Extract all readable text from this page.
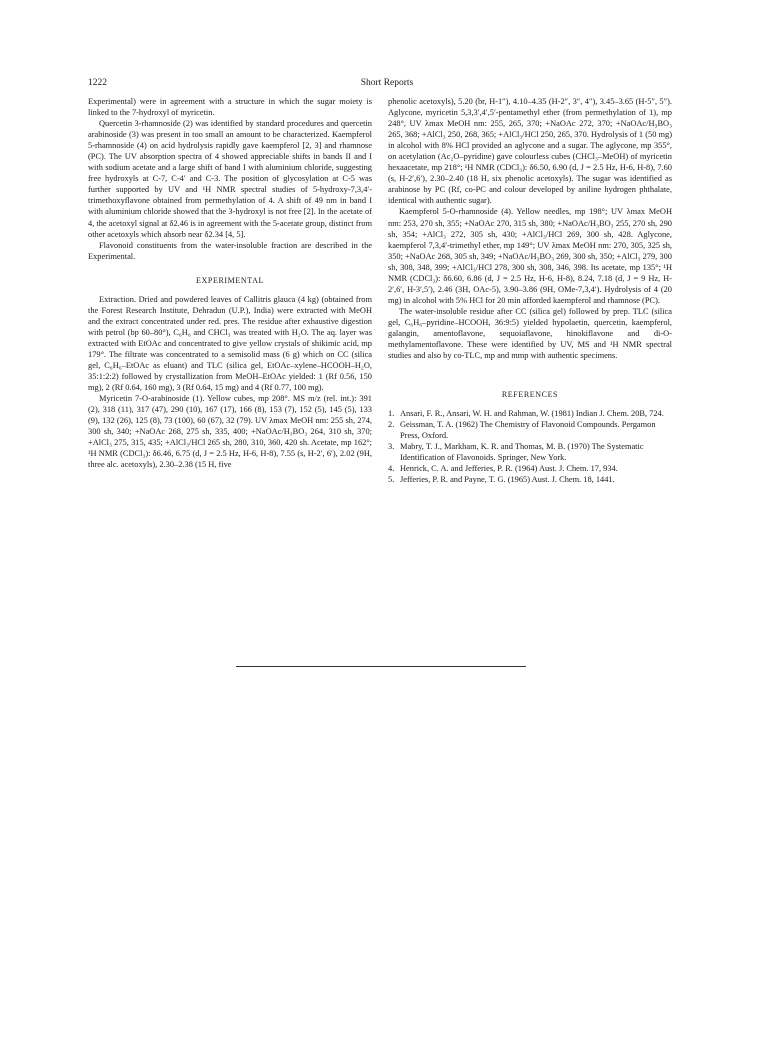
1222	Short Reports

Experimental) were in agreement with a structure in which the sugar moiety is linked to the 7-hydroxyl of myricetin.

Quercetin 3-rhamnoside (2) was identified by standard procedures and quercetin arabinoside (3) was present in too small an amount to be characterized. Kaempferol 5-rhamnoside (4) on acid hydrolysis rapidly gave kaempferol [2, 3] and rhamnose (PC). The UV absorption spectra of 4 showed appreciable shifts in bands II and I with sodium acetate and a large shift of band I with aluminium chloride, suggesting free hydroxyls at C-7, C-4′ and C-3. The position of glycosylation at C-5 was further supported by UV and ¹H NMR spectral studies of 5-hydroxy-7,3,4′-trimethoxyflavone obtained from permethylation of 4. A shift of 49 nm in band I with aluminium chloride showed that the 3-hydroxyl is not free [2]. In the acetate of 4, the acetoxyl signal at δ2.46 is in agreement with the 5-acetate group, distinct from other acetoxyls which absorb near δ2.34 [4, 5].

Flavonoid constituents from the water-insoluble fraction are described in the Experimental.

EXPERIMENTAL

Extraction. Dried and powdered leaves of Callitris glauca (4 kg) (obtained from the Forest Research Institute, Dehradun (U.P.), India) were extracted with MeOH and the extract concentrated under red. pres. The residue after exhaustive digestion with petrol (bp 60–80°), C₆H₆ and CHCl₃ was treated with H₂O. The aq. layer was extracted with EtOAc and concentrated to give yellow crystals of shikimic acid, mp 179°. The filtrate was concentrated to a semisolid mass (6 g) which on CC (silica gel, C₆H₆–EtOAc as eluant) and TLC (silica gel, EtOAc–xylene–HCOOH–H₂O, 35:1:2:2) followed by crystallization from MeOH–EtOAc yielded: 1 (Rf 0.56, 150 mg), 2 (Rf 0.64, 160 mg), 3 (Rf 0.64, 15 mg) and 4 (Rf 0.77, 100 mg).

Myricetin 7-O-arabinoside (1). Yellow cubes, mp 208°. MS m/z (rel. int.): 391 (2), 318 (11), 317 (47), 290 (10), 167 (17), 166 (8), 153 (7), 152 (5), 145 (5), 133 (9), 132 (26), 125 (8), 73 (100), 60 (67), 32 (79). UV λmax MeOH nm: 255 sh, 274, 300 sh, 340; +NaOAc 268, 275 sh, 335, 400; +NaOAc/H₃BO₃ 264, 310 sh, 370; +AlCl₃ 275, 315, 435; +AlCl₃/HCl 265 sh, 280, 310, 360, 420 sh. Acetate, mp 162°; ¹H NMR (CDCl₃): δ6.46, 6.75 (d, J = 2.5 Hz, H-6, H-8), 7.55 (s, H-2′, 6′), 2.02 (9H, three alc. acetoxyls), 2.30–2.38 (15 H, five

phenolic acetoxyls), 5.20 (br, H-1″), 4.10–4.35 (H-2″, 3″, 4″), 3.45–3.65 (H-5″, 5″). Aglycone, myricetin 5,3,3′,4′,5′-pentamethyl ether (from permethylation of 1), mp 248°, UV λmax MeOH nm: 255, 265, 370; +NaOAc 272, 370; +NaOAc/H₃BO₃ 265, 368; +AlCl₃ 250, 268, 365; +AlCl₃/HCl 250, 265, 370. Hydrolysis of 1 (50 mg) in alcohol with 8% HCl provided an aglycone and a sugar. The aglycone, mp 355°, on acetylation (Ac₂O–pyridine) gave colourless cubes (CHCl₃–MeOH) of myricetin hexaacetate, mp 218°; ¹H NMR (CDCl₃): δ6.50, 6.90 (d, J = 2.5 Hz, H-6, H-8), 7.60 (s, H-2′,6′), 2.30–2.40 (18 H, six phenolic acetoxyls). The sugar was identified as arabinose by PC (Rf, co-PC and colour developed by aniline hydrogen phthalate, identical with authentic sugar).

Kaempferol 5-O-rhamnoside (4). Yellow needles, mp 198°; UV λmax MeOH nm: 253, 270 sh, 355; +NaOAc 270, 315 sh, 380; +NaOAc/H₃BO₃ 255, 270 sh, 290 sh, 354; +AlCl₃ 272, 305 sh, 430; +AlCl₃/HCl 269, 300 sh, 428. Aglycone, kaempferol 7,3,4′-trimethyl ether, mp 149°; UV λmax MeOH nm: 270, 305, 325 sh, 350; +NaOAc 268, 305 sh, 349; +NaOAc/H₃BO₃ 269, 300 sh, 350; +AlCl₃ 279, 300 sh, 308, 348, 399; +AlCl₃/HCl 278, 300 sh, 308, 346, 398. Its acetate, mp 135°; ¹H NMR (CDCl₃): δ6.60, 6.86 (d, J = 2.5 Hz, H-6, H-8), 8.24, 7.18 (d, J = 9 Hz, H-2′,6′, H-3′,5′), 2.46 (3H, OAc-5), 3.90–3.86 (9H, OMe-7,3,4′). Hydrolysis of 4 (20 mg) in alcohol with 5% HCl for 20 min afforded kaempferol and rhamnose (PC).

The water-insoluble residue after CC (silica gel) followed by prep. TLC (silica gel, C₆H₆–pyridine–HCOOH, 36:9:5) yielded hypolaetin, quercetin, kaempferol, galangin, amentoflavone, sequoiaflavone, hinokiflavone and di-O-methylamentoflavone. These were identified by UV, MS and ¹H NMR spectral studies and also by co-TLC, mp and mmp with authentic specimens.

REFERENCES
1. Ansari, F. R., Ansari, W. H. and Rahman, W. (1981) Indian J. Chem. 20B, 724.
2. Geissman, T. A. (1962) The Chemistry of Flavonoid Compounds. Pergamon Press, Oxford.
3. Mabry, T. J., Markham, K. R. and Thomas, M. B. (1970) The Systematic Identification of Flavonoids. Springer, New York.
4. Henrick, C. A. and Jefferies, P. R. (1964) Aust. J. Chem. 17, 934.
5. Jefferies, P. R. and Payne, T. G. (1965) Aust. J. Chem. 18, 1441.
